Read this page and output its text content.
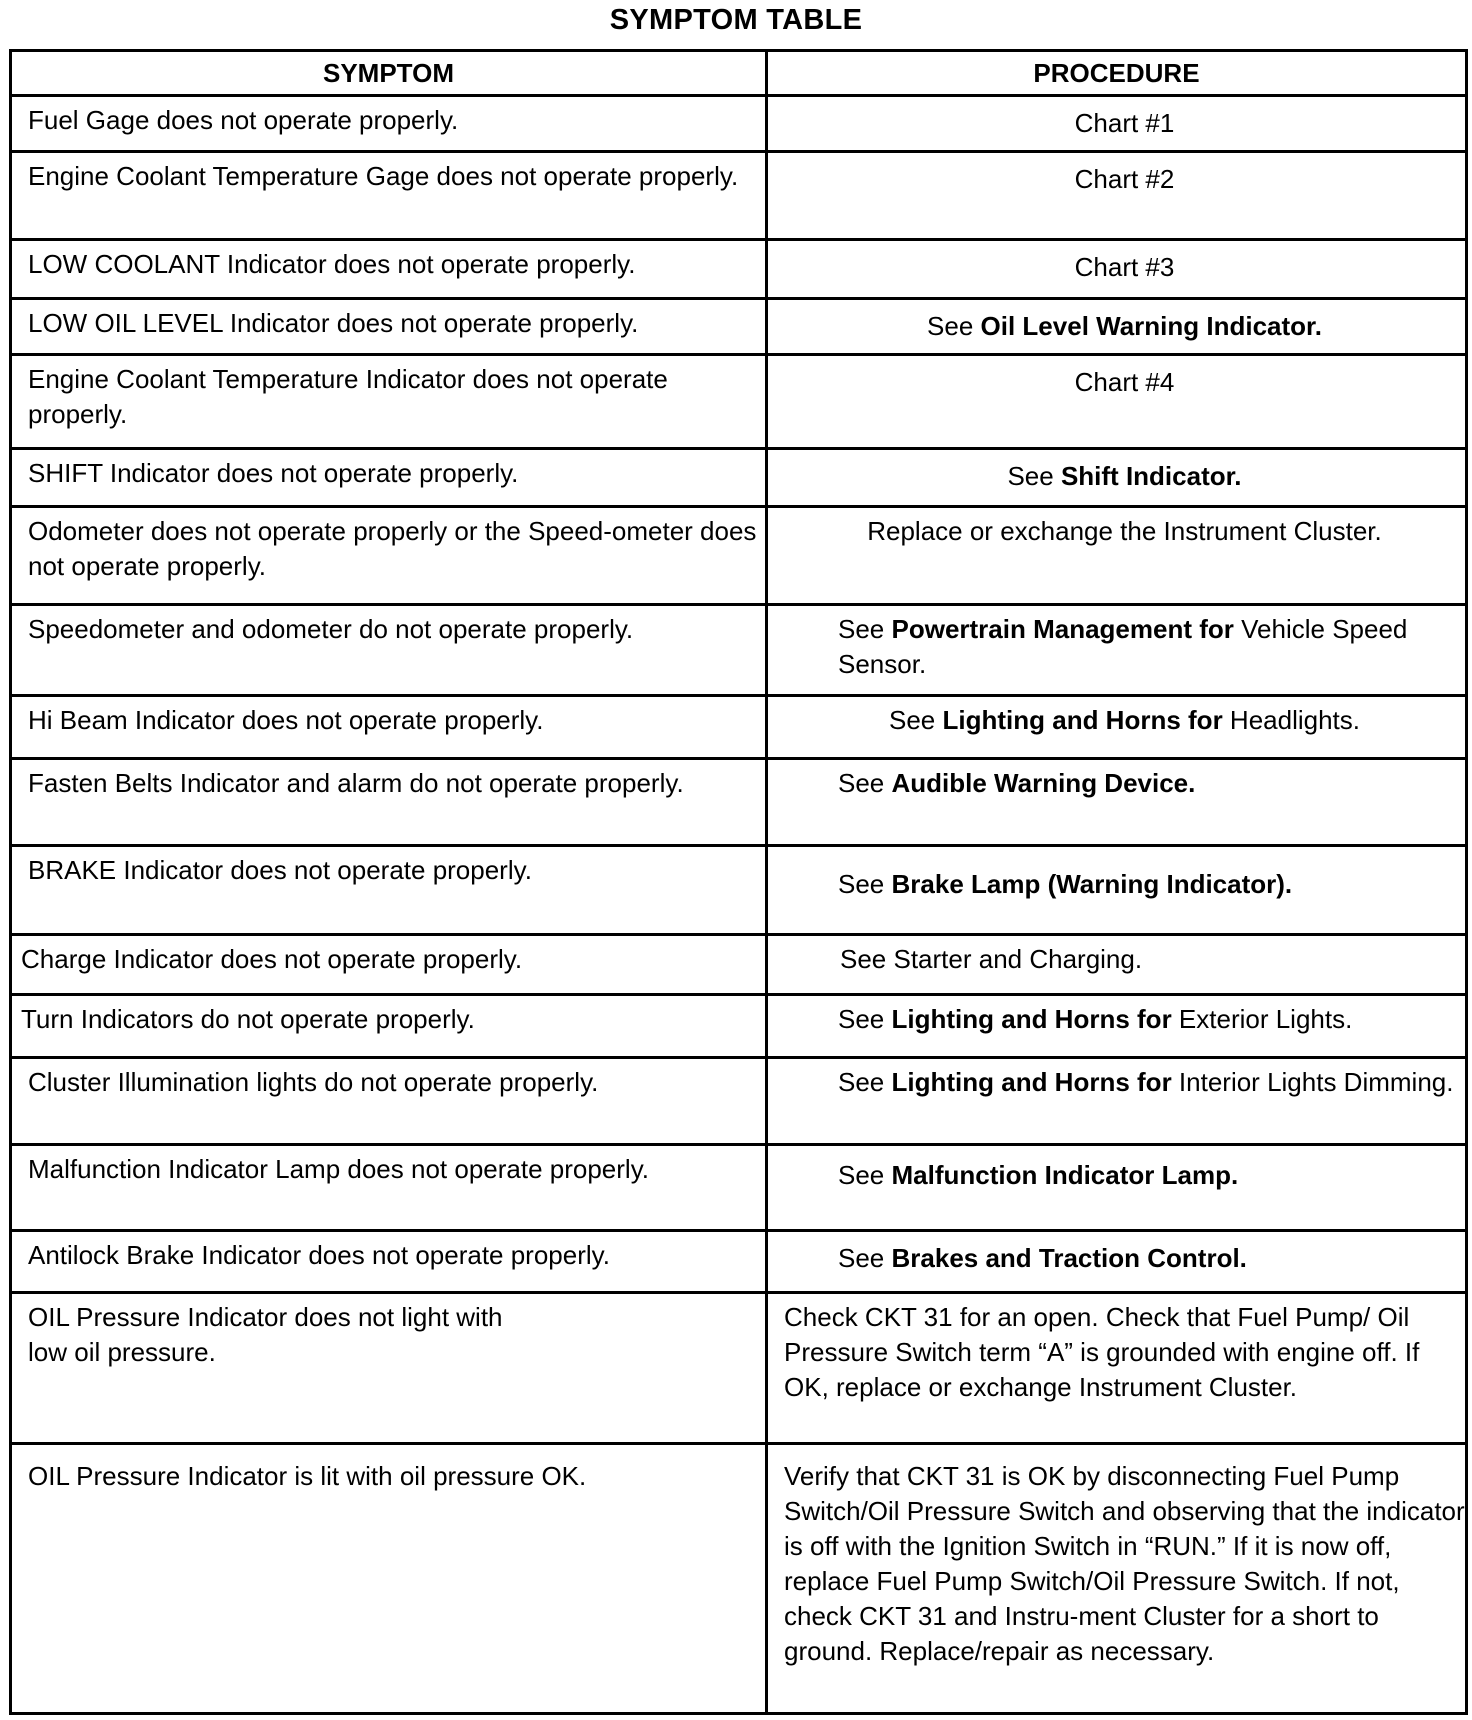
SYMPTOM TABLE
SYMPTOM	PROCEDURE

Fuel Gage does not operate properly.	Chart #1

Engine Coolant Temperature Gage does not operate properly.	Chart #2

LOW COOLANT Indicator does not operate properly.	Chart #3

LOW OIL LEVEL Indicator does not operate properly.	See Oil Level Warning Indicator.

Engine Coolant Temperature Indicator does not operate properly.	Chart #4

SHIFT Indicator does not operate properly.	See Shift Indicator.

Odometer does not operate properly or the Speed-ometer does not operate properly.	Replace or exchange the Instrument Cluster.

Speedometer and odometer do not operate properly.	See Powertrain Management for Vehicle Speed Sensor.

Hi Beam Indicator does not operate properly.	See Lighting and Horns for Headlights.

Fasten Belts Indicator and alarm do not operate properly.	See Audible Warning Device.

BRAKE Indicator does not operate properly.	See Brake Lamp (Warning Indicator).

Charge Indicator does not operate properly.	See Starter and Charging.

Turn Indicators do not operate properly.	See Lighting and Horns for Exterior Lights.

Cluster Illumination lights do not operate properly.	See Lighting and Horns for Interior Lights Dimming.

Malfunction Indicator Lamp does not operate properly.	See Malfunction Indicator Lamp.

Antilock Brake Indicator does not operate properly.	See Brakes and Traction Control.

OIL Pressure Indicator does not light with low oil pressure.	Check CKT 31 for an open. Check that Fuel Pump/ Oil Pressure Switch term “A” is grounded with engine off. If OK, replace or exchange Instrument Cluster.

OIL Pressure Indicator is lit with oil pressure OK.	Verify that CKT 31 is OK by disconnecting Fuel Pump Switch/Oil Pressure Switch and observing that the indicator is off with the Ignition Switch in “RUN.” If it is now off, replace Fuel Pump Switch/Oil Pressure Switch. If not, check CKT 31 and Instru-ment Cluster for a short to ground. Replace/repair as necessary.
